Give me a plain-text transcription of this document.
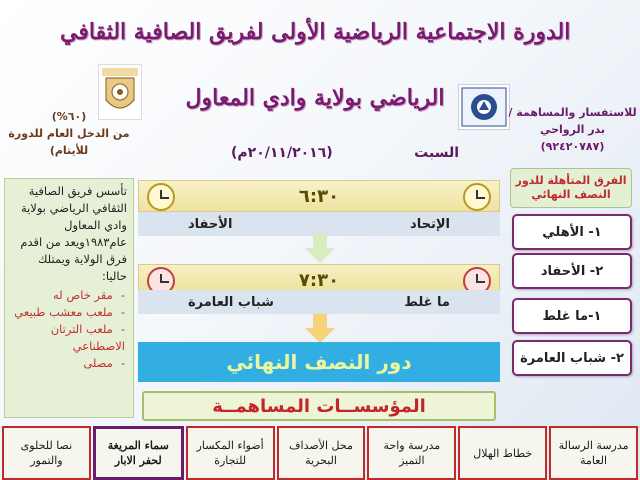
الدورة الاجتماعية الرياضية الأولى لفريق الصافية الثقافي
الرياضي بولاية وادي المعاول
للاستفسار والمساهمة /
بدر الرواحي
(٩٢٤٢٠٧٨٧)
(٦٠%)
من الدخل العام للدورة
للأيتام)	السبت
(٢٠/١١/٢٠١٦م)
تأسس فريق الصافية الثقافي الرياضي بولاية وادي المعاول عام١٩٨٣ويعد من اقدم فرق الولاية ويمتلك حاليا:
-مقر خاص له
-ملعب معشب طبيعي
-ملعب الترتان الاصطناعي
-مصلى
٦:٣٠
الإتحاد
الأحفاد
٧:٣٠
ما غلط
شباب العامرة
دور النصف النهائي
المؤسســات المساهمــة
الفرق المتأهلة للدور النصف النهائي
١- الأهلي
٢- الأحفاد
١-ما غلط
٢- شباب العامرة
مدرسة الرسالة
العامة
خطاط الهلال
مدرسة واحة
التميز
محل الأصداف
البحرية
أضواء المكسار
للتجارة
سماء المريغة
لحفر الابار
نصا للحلوى
والتمور
